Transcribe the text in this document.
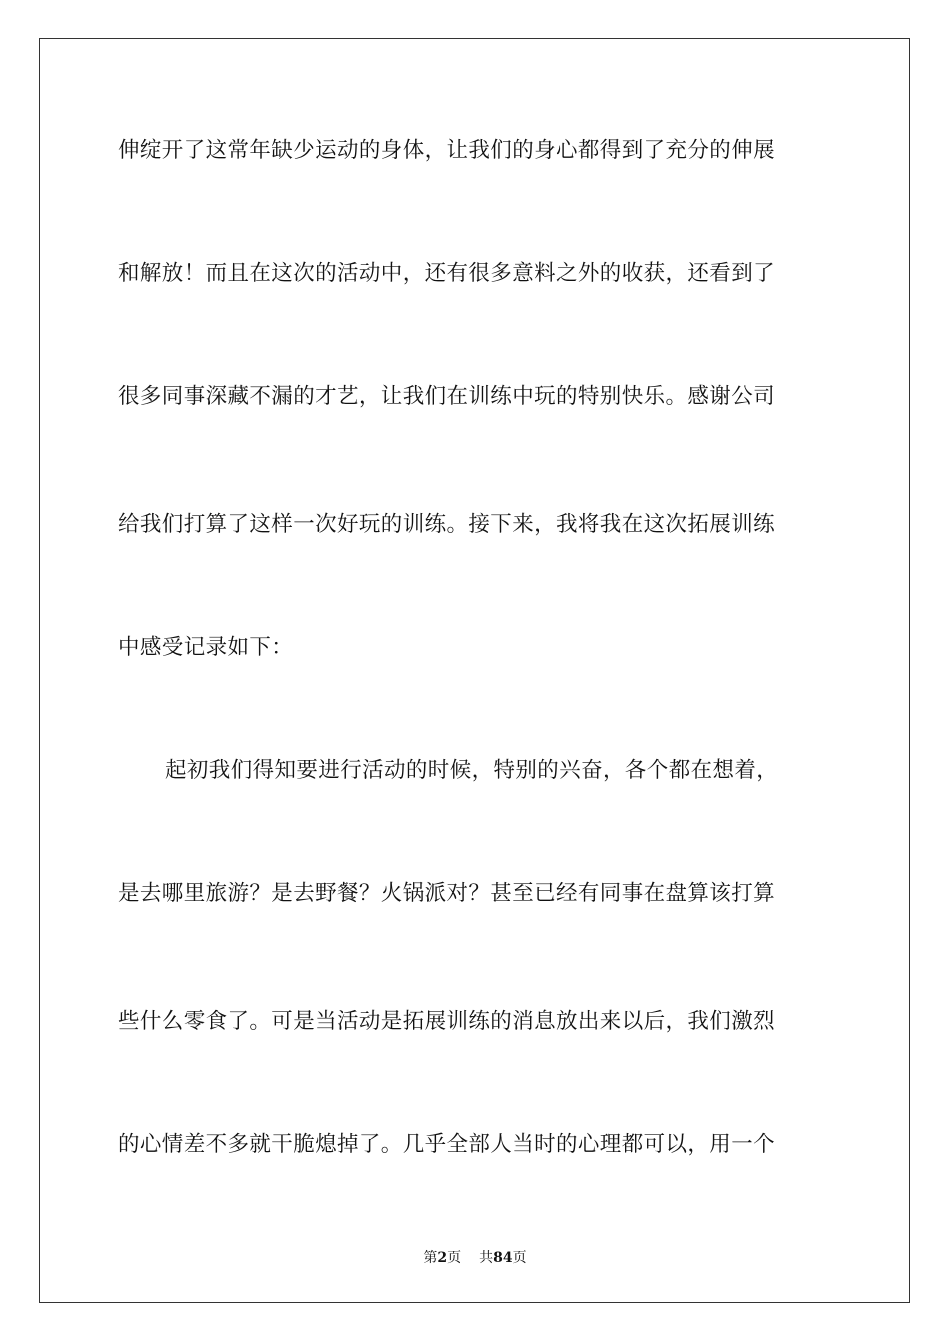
伸绽开了这常年缺少运动的身体，让我们的身心都得到了充分的伸展
和解放！而且在这次的活动中，还有很多意料之外的收获，还看到了
很多同事深藏不漏的才艺，让我们在训练中玩的特别快乐。感谢公司
给我们打算了这样一次好玩的训练。接下来，我将我在这次拓展训练
中感受记录如下：
起初我们得知要进行活动的时候，特别的兴奋，各个都在想着，
是去哪里旅游？是去野餐？火锅派对？甚至已经有同事在盘算该打算
些什么零食了。可是当活动是拓展训练的消息放出来以后，我们激烈
的心情差不多就干脆熄掉了。几乎全部人当时的心理都可以，用一个
第2页 共84页
